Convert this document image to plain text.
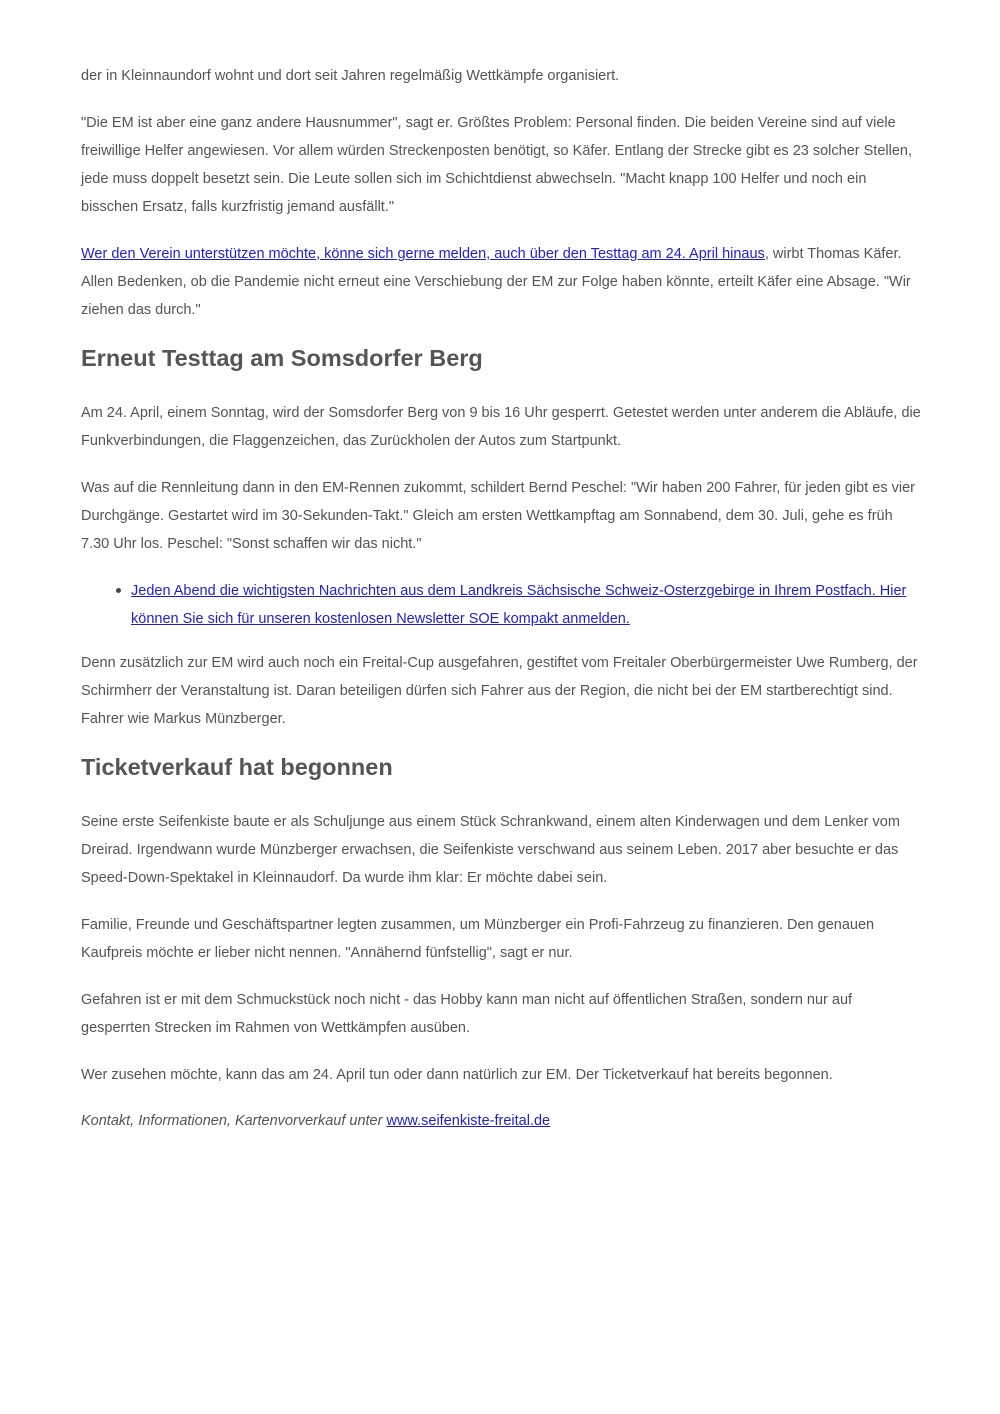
der in Kleinnaundorf wohnt und dort seit Jahren regelmäßig Wettkämpfe organisiert.

"Die EM ist aber eine ganz andere Hausnummer", sagt er. Größtes Problem: Personal finden. Die beiden Vereine sind auf viele freiwillige Helfer angewiesen. Vor allem würden Streckenposten benötigt, so Käfer. Entlang der Strecke gibt es 23 solcher Stellen, jede muss doppelt besetzt sein. Die Leute sollen sich im Schichtdienst abwechseln. "Macht knapp 100 Helfer und noch ein bisschen Ersatz, falls kurzfristig jemand ausfällt."

Wer den Verein unterstützen möchte, könne sich gerne melden, auch über den Testtag am 24. April hinaus, wirbt Thomas Käfer. Allen Bedenken, ob die Pandemie nicht erneut eine Verschiebung der EM zur Folge haben könnte, erteilt Käfer eine Absage. "Wir ziehen das durch."

Erneut Testtag am Somsdorfer Berg

Am 24. April, einem Sonntag, wird der Somsdorfer Berg von 9 bis 16 Uhr gesperrt. Getestet werden unter anderem die Abläufe, die Funkverbindungen, die Flaggenzeichen, das Zurückholen der Autos zum Startpunkt.

Was auf die Rennleitung dann in den EM-Rennen zukommt, schildert Bernd Peschel: "Wir haben 200 Fahrer, für jeden gibt es vier Durchgänge. Gestartet wird im 30-Sekunden-Takt." Gleich am ersten Wettkampftag am Sonnabend, dem 30. Juli, gehe es früh 7.30 Uhr los. Peschel: "Sonst schaffen wir das nicht."

Jeden Abend die wichtigsten Nachrichten aus dem Landkreis Sächsische Schweiz-Osterzgebirge in Ihrem Postfach. Hier können Sie sich für unseren kostenlosen Newsletter SOE kompakt anmelden.

Denn zusätzlich zur EM wird auch noch ein Freital-Cup ausgefahren, gestiftet vom Freitaler Oberbürgermeister Uwe Rumberg, der Schirmherr der Veranstaltung ist. Daran beteiligen dürfen sich Fahrer aus der Region, die nicht bei der EM startberechtigt sind. Fahrer wie Markus Münzberger.

Ticketverkauf hat begonnen

Seine erste Seifenkiste baute er als Schuljunge aus einem Stück Schrankwand, einem alten Kinderwagen und dem Lenker vom Dreirad. Irgendwann wurde Münzberger erwachsen, die Seifenkiste verschwand aus seinem Leben. 2017 aber besuchte er das Speed-Down-Spektakel in Kleinnaudorf. Da wurde ihm klar: Er möchte dabei sein.

Familie, Freunde und Geschäftspartner legten zusammen, um Münzberger ein Profi-Fahrzeug zu finanzieren. Den genauen Kaufpreis möchte er lieber nicht nennen. "Annähernd fünfstellig", sagt er nur.

Gefahren ist er mit dem Schmuckstück noch nicht - das Hobby kann man nicht auf öffentlichen Straßen, sondern nur auf gesperrten Strecken im Rahmen von Wettkämpfen ausüben.

Wer zusehen möchte, kann das am 24. April tun oder dann natürlich zur EM. Der Ticketverkauf hat bereits begonnen.

Kontakt, Informationen, Kartenvorverkauf unter www.seifenkiste-freital.de
